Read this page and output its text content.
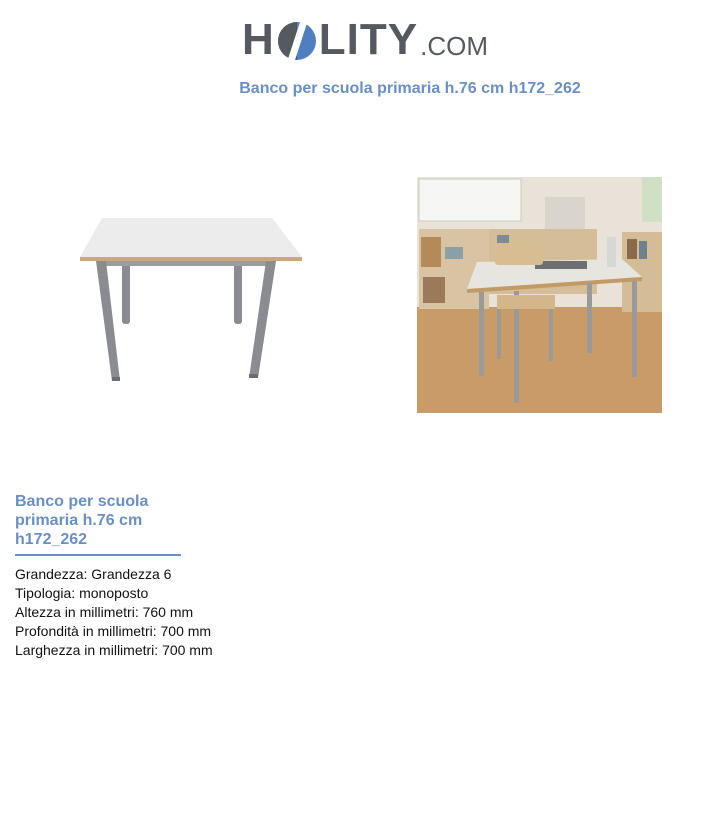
H LITY .COM
Banco per scuola primaria h.76 cm h172_262
Banco per scuola primaria h.76 cm h172_262
Grandezza: Grandezza 6
Tipologia: monoposto
Altezza in millimetri: 760 mm
Profondità in millimetri: 700 mm
Larghezza in millimetri: 700 mm
